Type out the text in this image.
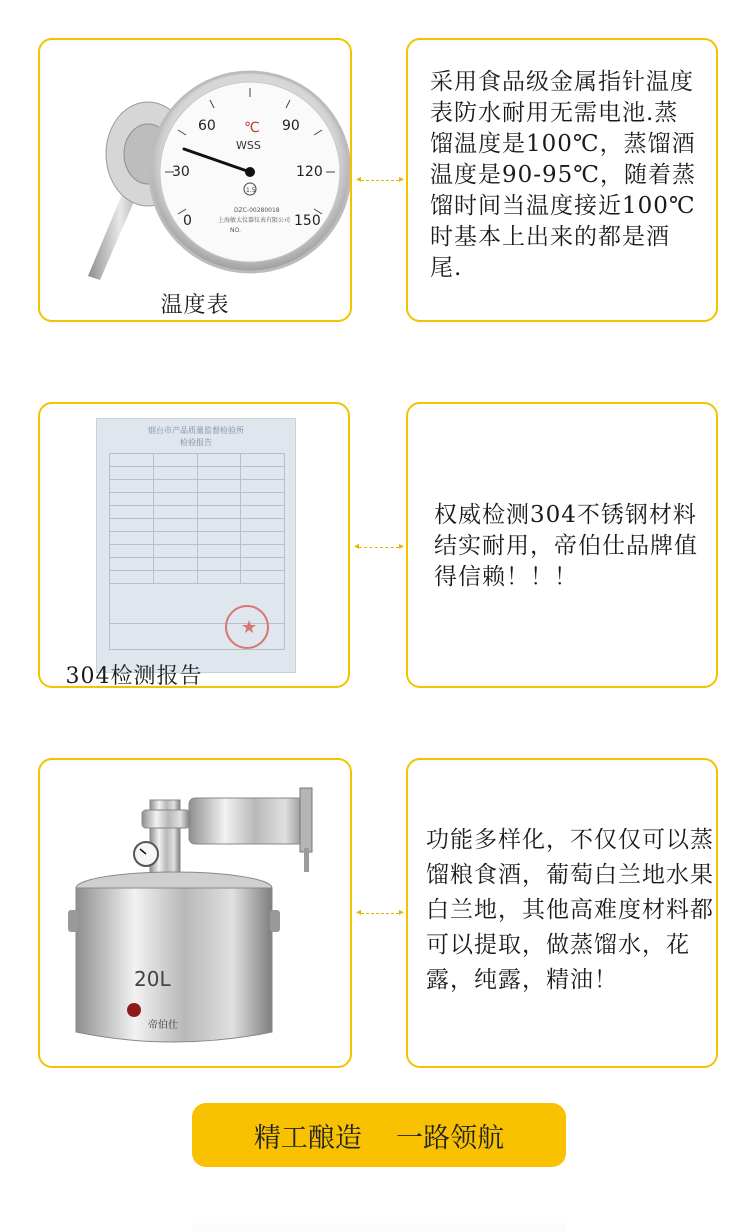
0
30
60	90
120
150
℃
WSS
1.5
DZC-00280018
上海敏太仪器仪表有限公司
NO.
温度表
◂	▸
采用食品级金属指针温度表防水耐用无需电池.蒸馏温度是100℃，蒸馏酒温度是90-95℃，随着蒸馏时间当温度接近100℃时基本上出来的都是酒尾.
烟台市产品质量监督检验所
检验报告

★
304检测报告
◂	▸
权威检测304不锈钢材料结实耐用，帝伯仕品牌值得信赖！！！
20L
帝伯仕
◂	▸
功能多样化，不仅仅可以蒸馏粮食酒，葡萄白兰地水果白兰地，其他高难度材料都可以提取，做蒸馏水，花露，纯露，精油！
精工酿造    一路领航
